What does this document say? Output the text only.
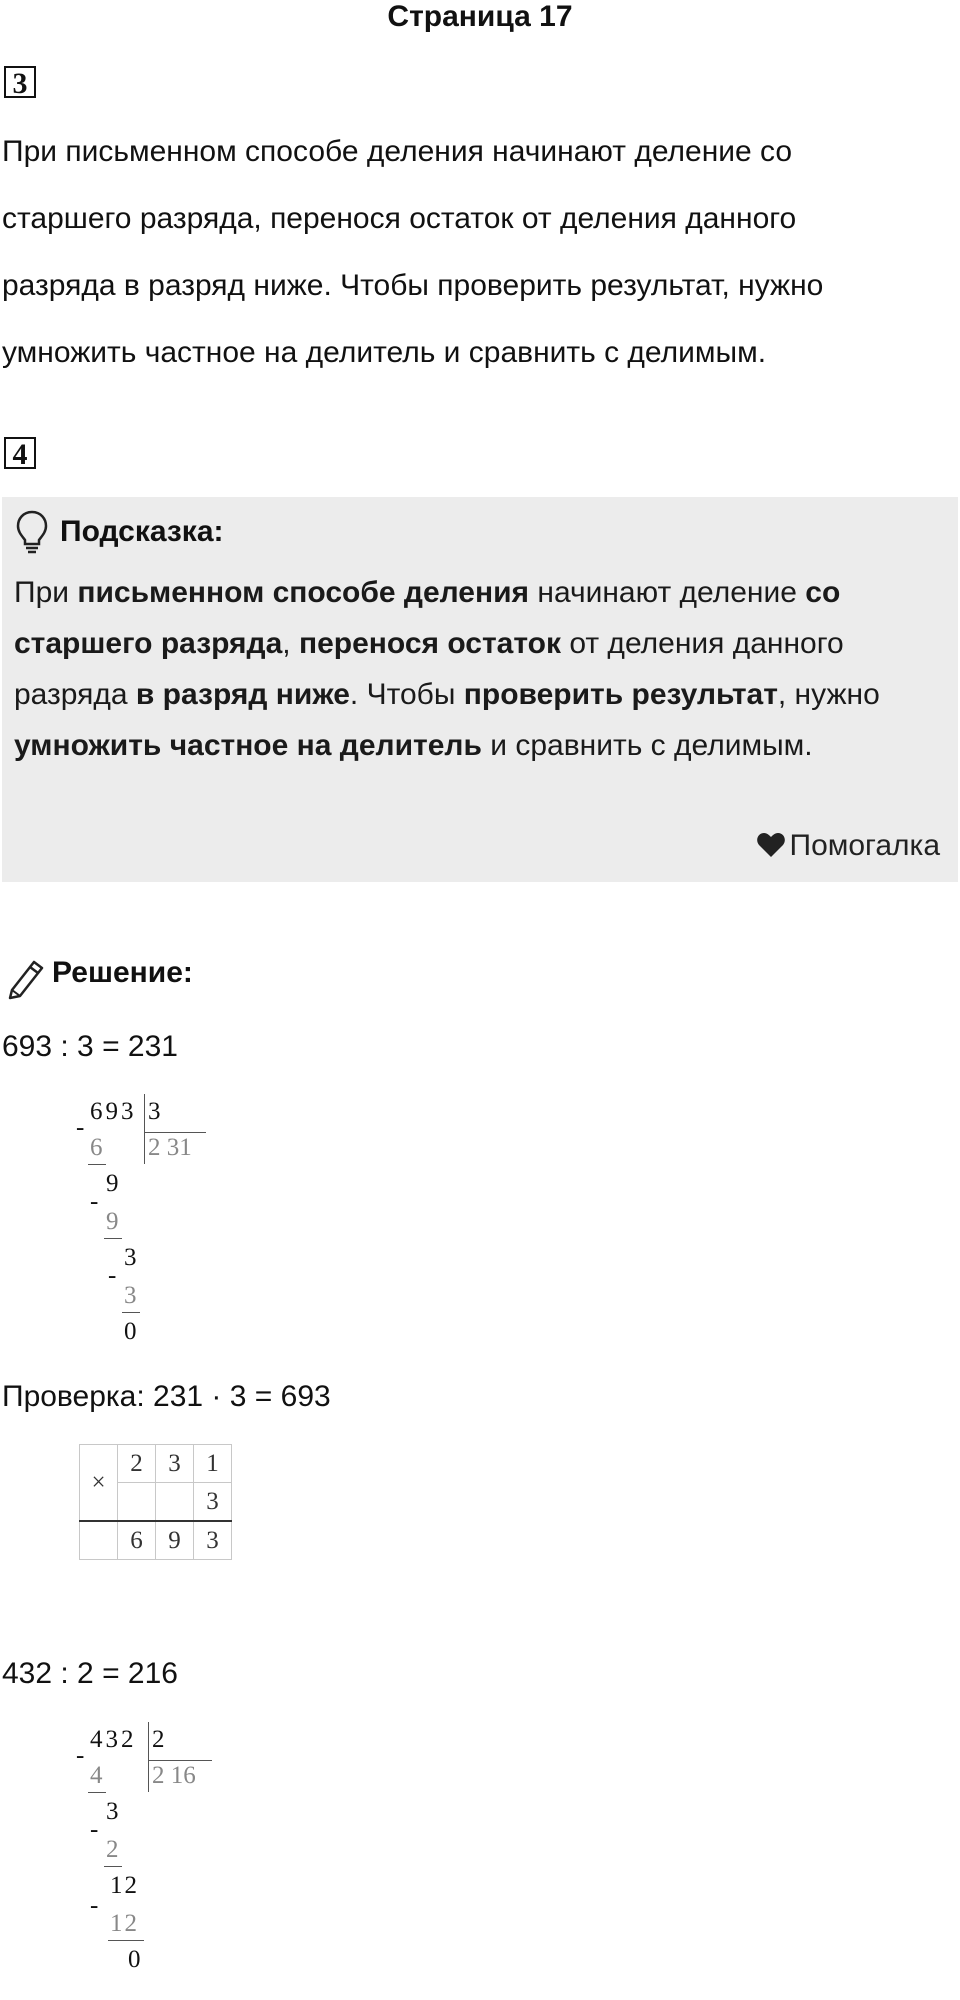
Страница 17
3
При письменном способе деления начинают деление со
старшего разряда, перенося остаток от деления данного
разряда в разряд ниже. Чтобы проверить результат, нужно
умножить частное на делитель и сравнить с делимым.
4
Подсказка:
При письменном способе деления начинают деление со старшего разряда, перенося остаток от деления данного разряда в разряд ниже. Чтобы проверить результат, нужно умножить частное на делитель и сравнить с делимым.
Помогалка
Решение:
693 : 3 = 231
693 3
2 31
-
6
9
-
9
3
-
3
0
Проверка: 231 · 3 = 693
×	2	3	1
			3
	6	9	3
432 : 2 = 216
432 2
2 16
-
4
3
-
2
12
-
12
0
